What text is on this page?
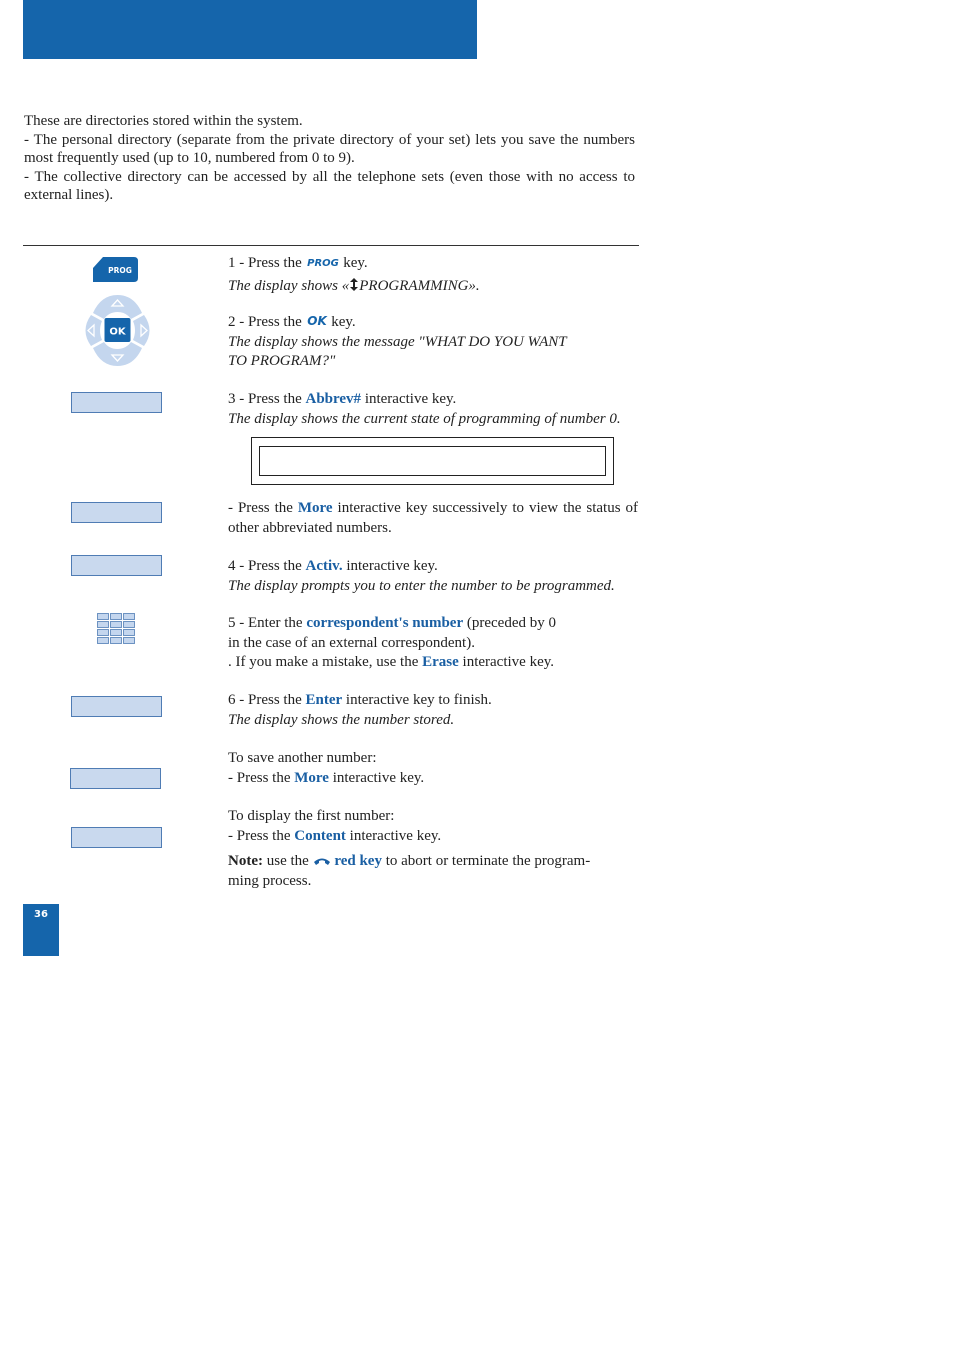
These are directories stored within the system.

- The personal directory (separate from the private directory of your set) lets you save the numbers most frequently used (up to 10, numbered from 0 to 9).

- The collective directory can be accessed by all the telephone sets (even those with no access to external lines).

PROG
OK

1 - Press the PROG key.

The display shows « PROGRAMMING».

2 - Press the OK key.

The display shows the message "WHAT DO YOU WANT

TO PROGRAM?"

3 - Press the Abbrev# interactive key.

The display shows the current state of programming of number 0.

- Press the More interactive key successively to view the status of other abbreviated numbers.

4 - Press the Activ. interactive key.

The display prompts you to enter the number to be programmed.

5 - Enter the correspondent's number (preceded by 0

in the case of an external correspondent).

. If you make a mistake, use the Erase interactive key.

6 - Press the Enter interactive key to finish.

The display shows the number stored.

To save another number:

- Press the More interactive key.

To display the first number:

- Press the Content interactive key.

Note: use the  red key to abort or terminate the program-

ming process.

36
